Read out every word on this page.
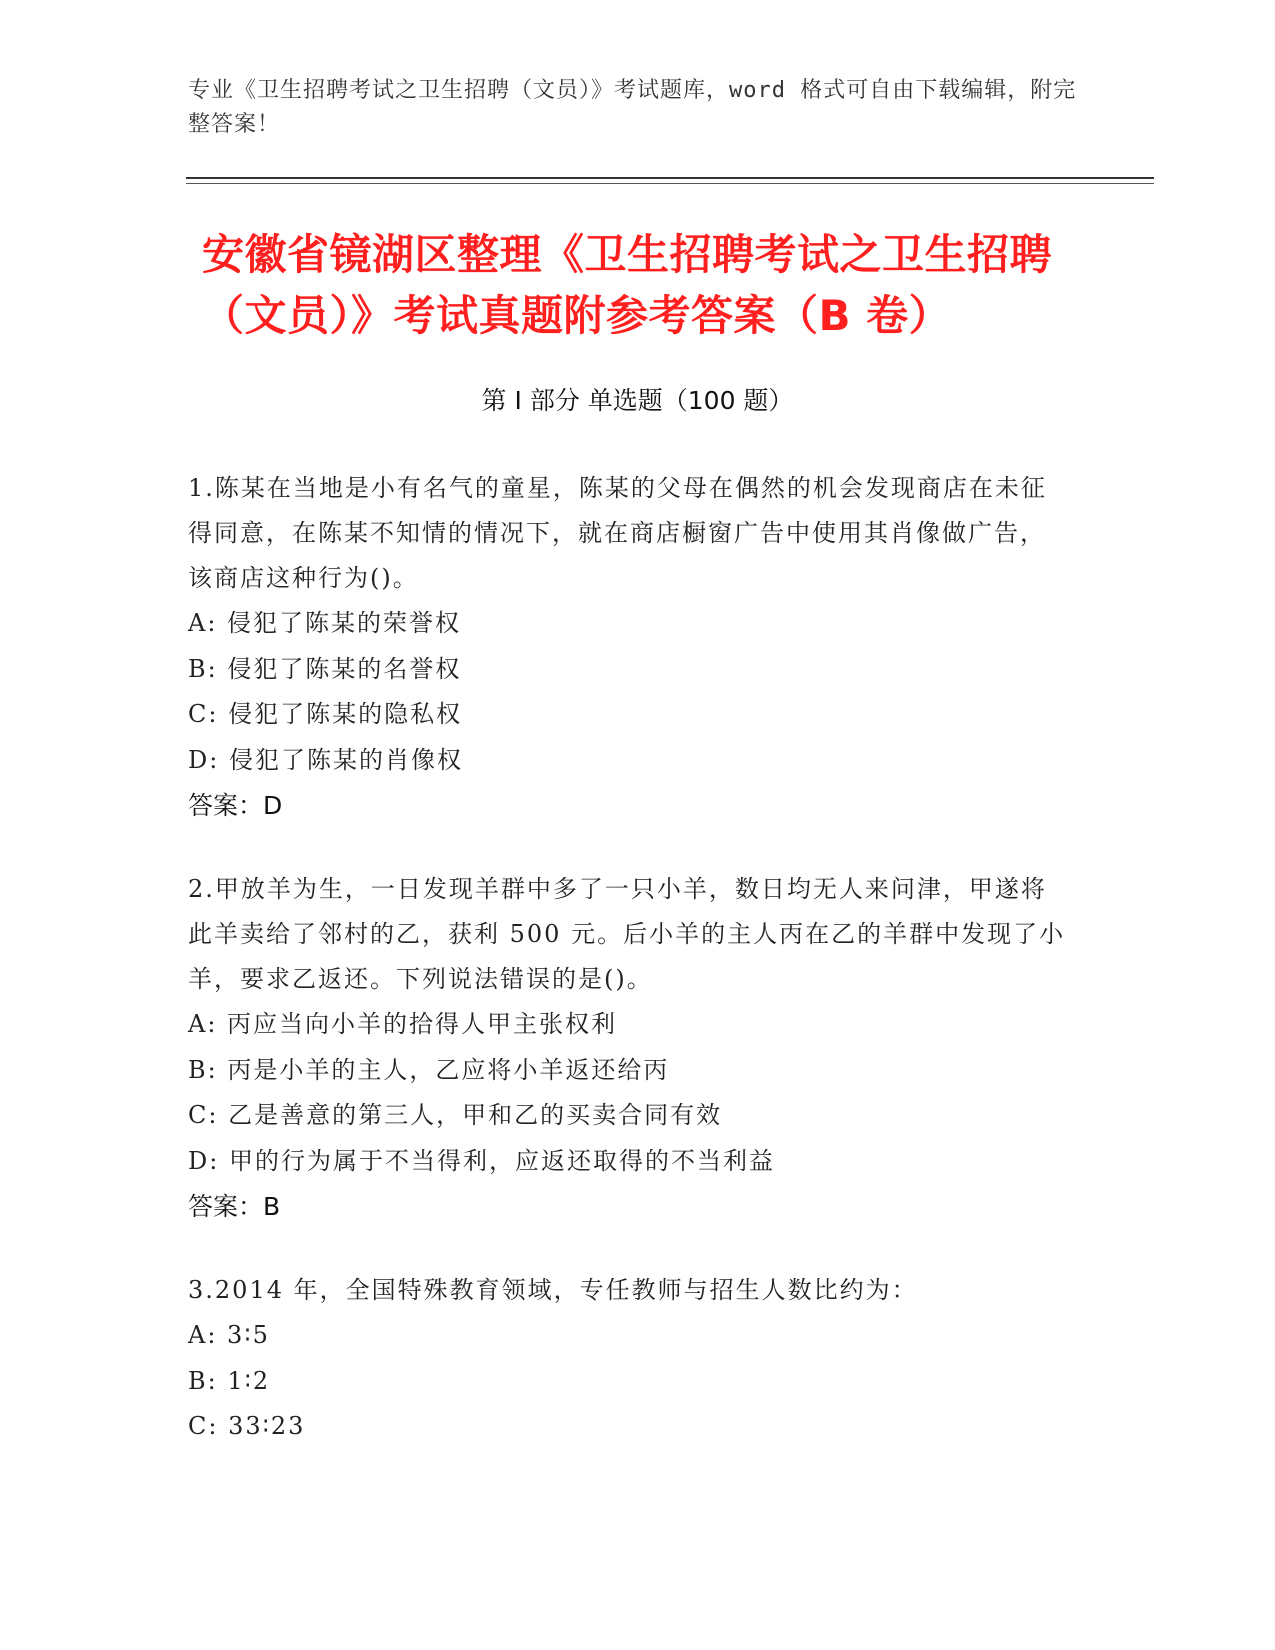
专业《卫生招聘考试之卫生招聘（文员）》考试题库，word 格式可自由下载编辑，附完整答案！
安徽省镜湖区整理《卫生招聘考试之卫生招聘（文员）》考试真题附参考答案（B 卷）
第 I 部分 单选题（100 题）
1.陈某在当地是小有名气的童星，陈某的父母在偶然的机会发现商店在未征得同意，在陈某不知情的情况下，就在商店橱窗广告中使用其肖像做广告，该商店这种行为()。
A: 侵犯了陈某的荣誉权
B: 侵犯了陈某的名誉权
C: 侵犯了陈某的隐私权
D: 侵犯了陈某的肖像权
答案：D
2.甲放羊为生，一日发现羊群中多了一只小羊，数日均无人来问津，甲遂将此羊卖给了邻村的乙，获利 500 元。后小羊的主人丙在乙的羊群中发现了小羊，要求乙返还。下列说法错误的是()。
A: 丙应当向小羊的拾得人甲主张权利
B: 丙是小羊的主人，乙应将小羊返还给丙
C: 乙是善意的第三人，甲和乙的买卖合同有效
D: 甲的行为属于不当得利，应返还取得的不当利益
答案：B
3.2014 年，全国特殊教育领域，专任教师与招生人数比约为：
A: 3∶5
B: 1∶2
C: 33∶23
